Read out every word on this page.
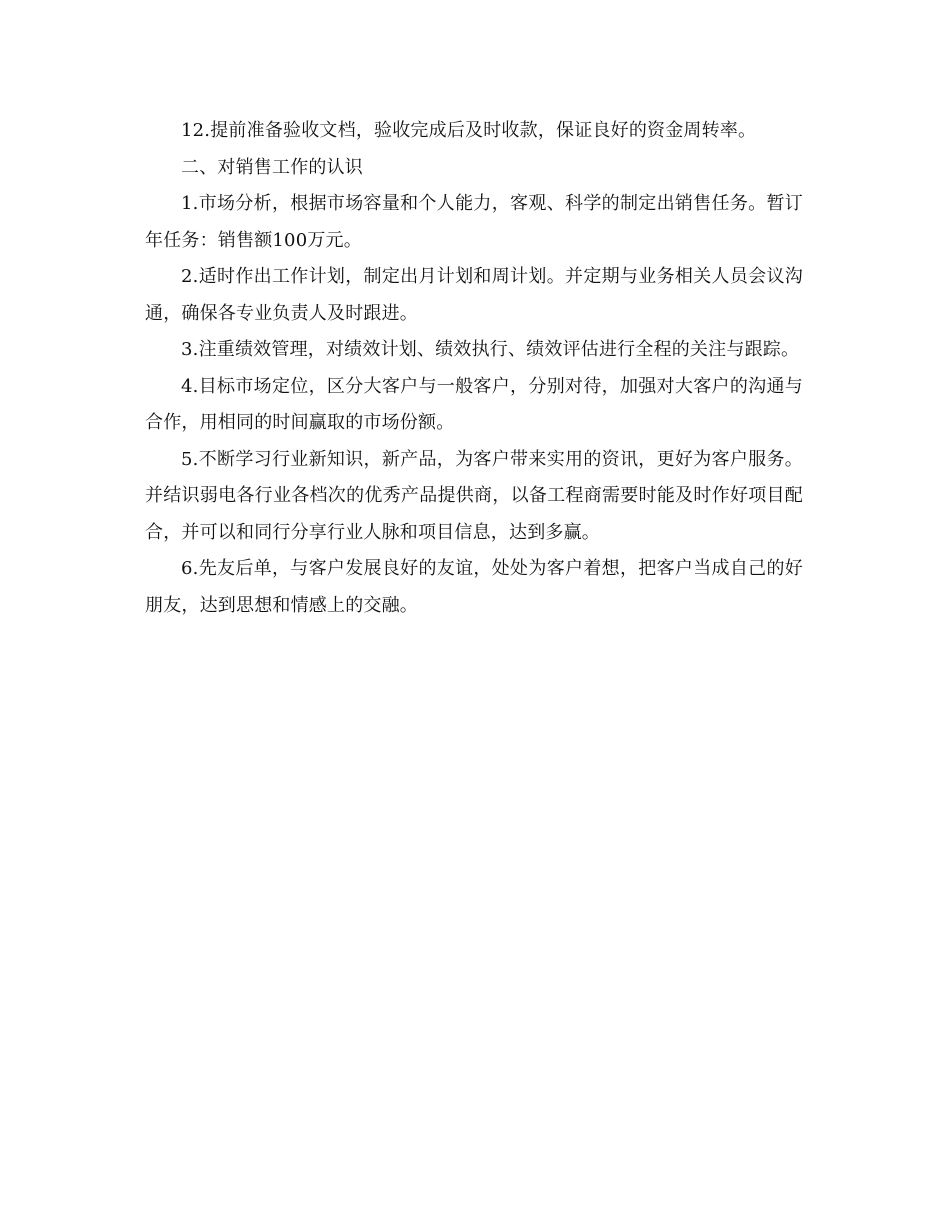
12.提前准备验收文档，验收完成后及时收款，保证良好的资金周转率。

二、对销售工作的认识

1.市场分析，根据市场容量和个人能力，客观、科学的制定出销售任务。暂订年任务：销售额100万元。

2.适时作出工作计划，制定出月计划和周计划。并定期与业务相关人员会议沟通，确保各专业负责人及时跟进。

3.注重绩效管理，对绩效计划、绩效执行、绩效评估进行全程的关注与跟踪。

4.目标市场定位，区分大客户与一般客户，分别对待，加强对大客户的沟通与合作，用相同的时间赢取的市场份额。

5.不断学习行业新知识，新产品，为客户带来实用的资讯，更好为客户服务。并结识弱电各行业各档次的优秀产品提供商，以备工程商需要时能及时作好项目配合，并可以和同行分享行业人脉和项目信息，达到多赢。

6.先友后单，与客户发展良好的友谊，处处为客户着想，把客户当成自己的好朋友，达到思想和情感上的交融。
